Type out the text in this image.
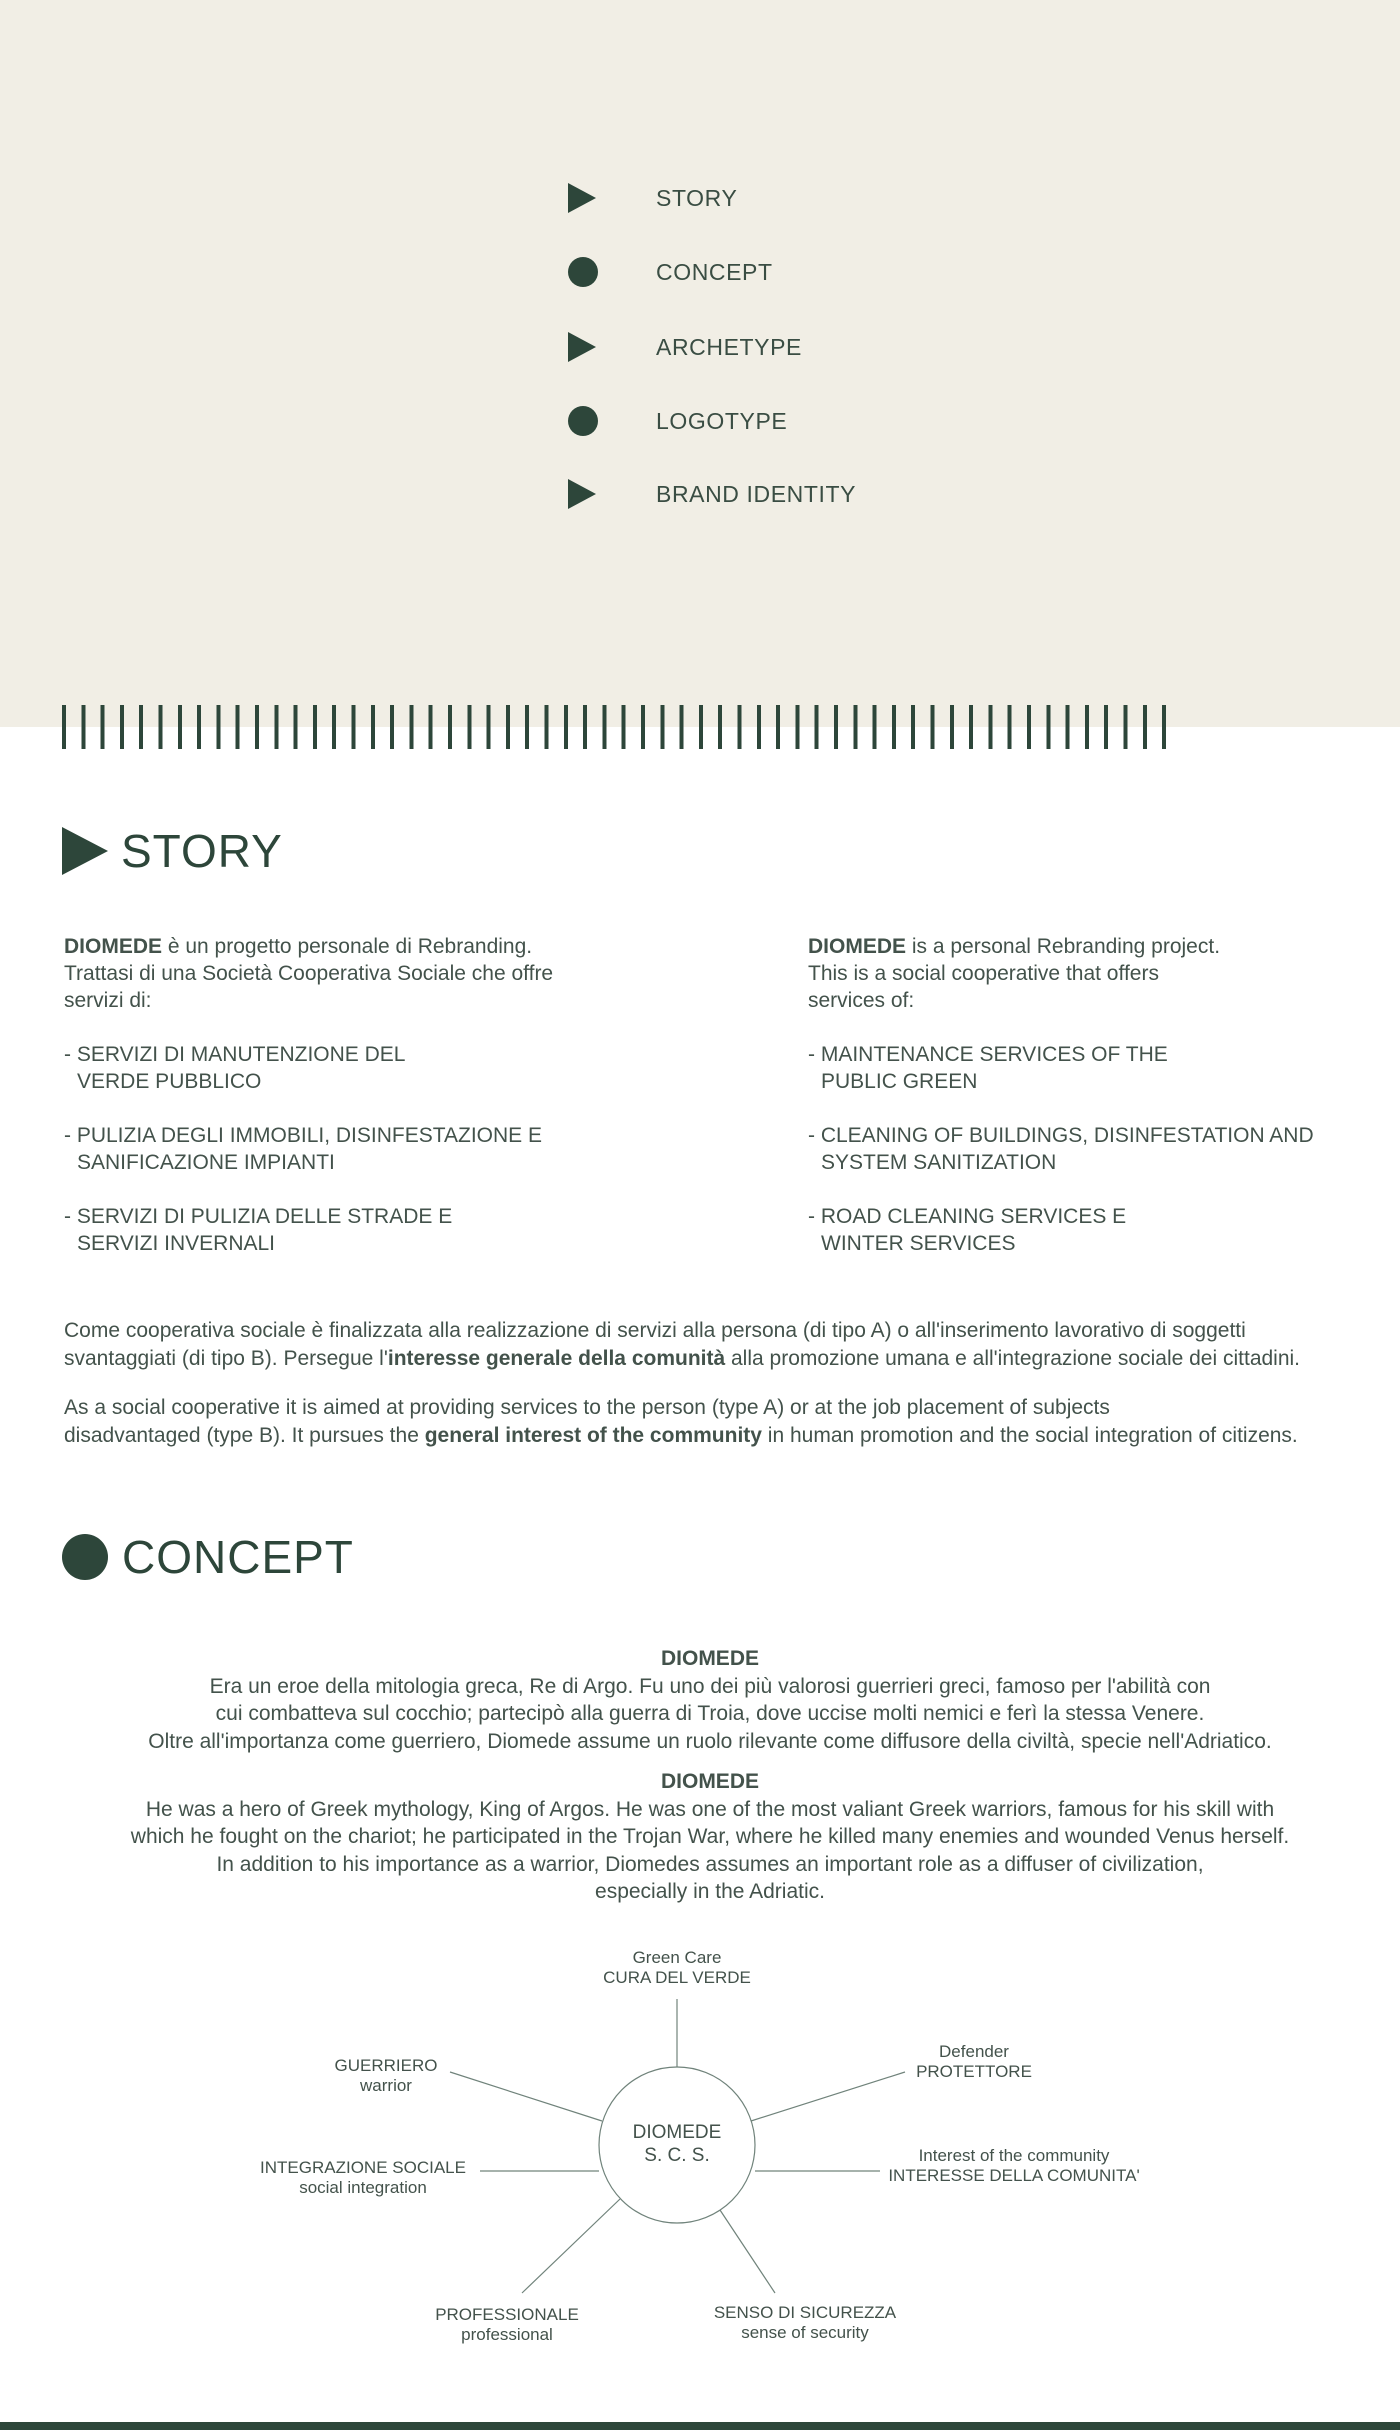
STORY
CONCEPT
ARCHETYPE
LOGOTYPE
BRAND IDENTITY
STORY

DIOMEDE è un progetto personale di Rebranding.
Trattasi di una Società Cooperativa Sociale che offre
servizi di:

- SERVIZI DI MANUTENZIONE DEL
VERDE PUBBLICO
- PULIZIA DEGLI IMMOBILI, DISINFESTAZIONE E
SANIFICAZIONE IMPIANTI
- SERVIZI DI PULIZIA DELLE STRADE E
SERVIZI INVERNALI

DIOMEDE is a personal Rebranding project.
This is a social cooperative that offers
services of:

- MAINTENANCE SERVICES OF THE
PUBLIC GREEN
- CLEANING OF BUILDINGS, DISINFESTATION AND
SYSTEM SANITIZATION
- ROAD CLEANING SERVICES E
WINTER SERVICES
Come cooperativa sociale è finalizzata alla realizzazione di servizi alla persona (di tipo A) o all'inserimento lavorativo di soggetti
svantaggiati (di tipo B). Persegue l'interesse generale della comunità alla promozione umana e all'integrazione sociale dei cittadini.
As a social cooperative it is aimed at providing services to the person (type A) or at the job placement of subjects
disadvantaged (type B). It pursues the general interest of the community in human promotion and the social integration of citizens.
CONCEPT
DIOMEDE
Era un eroe della mitologia greca, Re di Argo. Fu uno dei più valorosi guerrieri greci, famoso per l'abilità con
cui combatteva sul cocchio; partecipò alla guerra di Troia, dove uccise molti nemici e ferì la stessa Venere.
Oltre all'importanza come guerriero, Diomede assume un ruolo rilevante come diffusore della civiltà, specie nell'Adriatico.
DIOMEDE
He was a hero of Greek mythology, King of Argos. He was one of the most valiant Greek warriors, famous for his skill with
which he fought on the chariot; he participated in the Trojan War, where he killed many enemies and wounded Venus herself.
In addition to his importance as a warrior, Diomedes assumes an important role as a diffuser of civilization,
especially in the Adriatic.
DIOMEDE
S. C. S.
Green Care
CURA DEL VERDE
GUERRIERO
warrior
Defender
PROTETTORE
INTEGRAZIONE SOCIALE
social integration
Interest of the community
INTERESSE DELLA COMUNITA'
PROFESSIONALE
professional
SENSO DI SICUREZZA
sense of security
